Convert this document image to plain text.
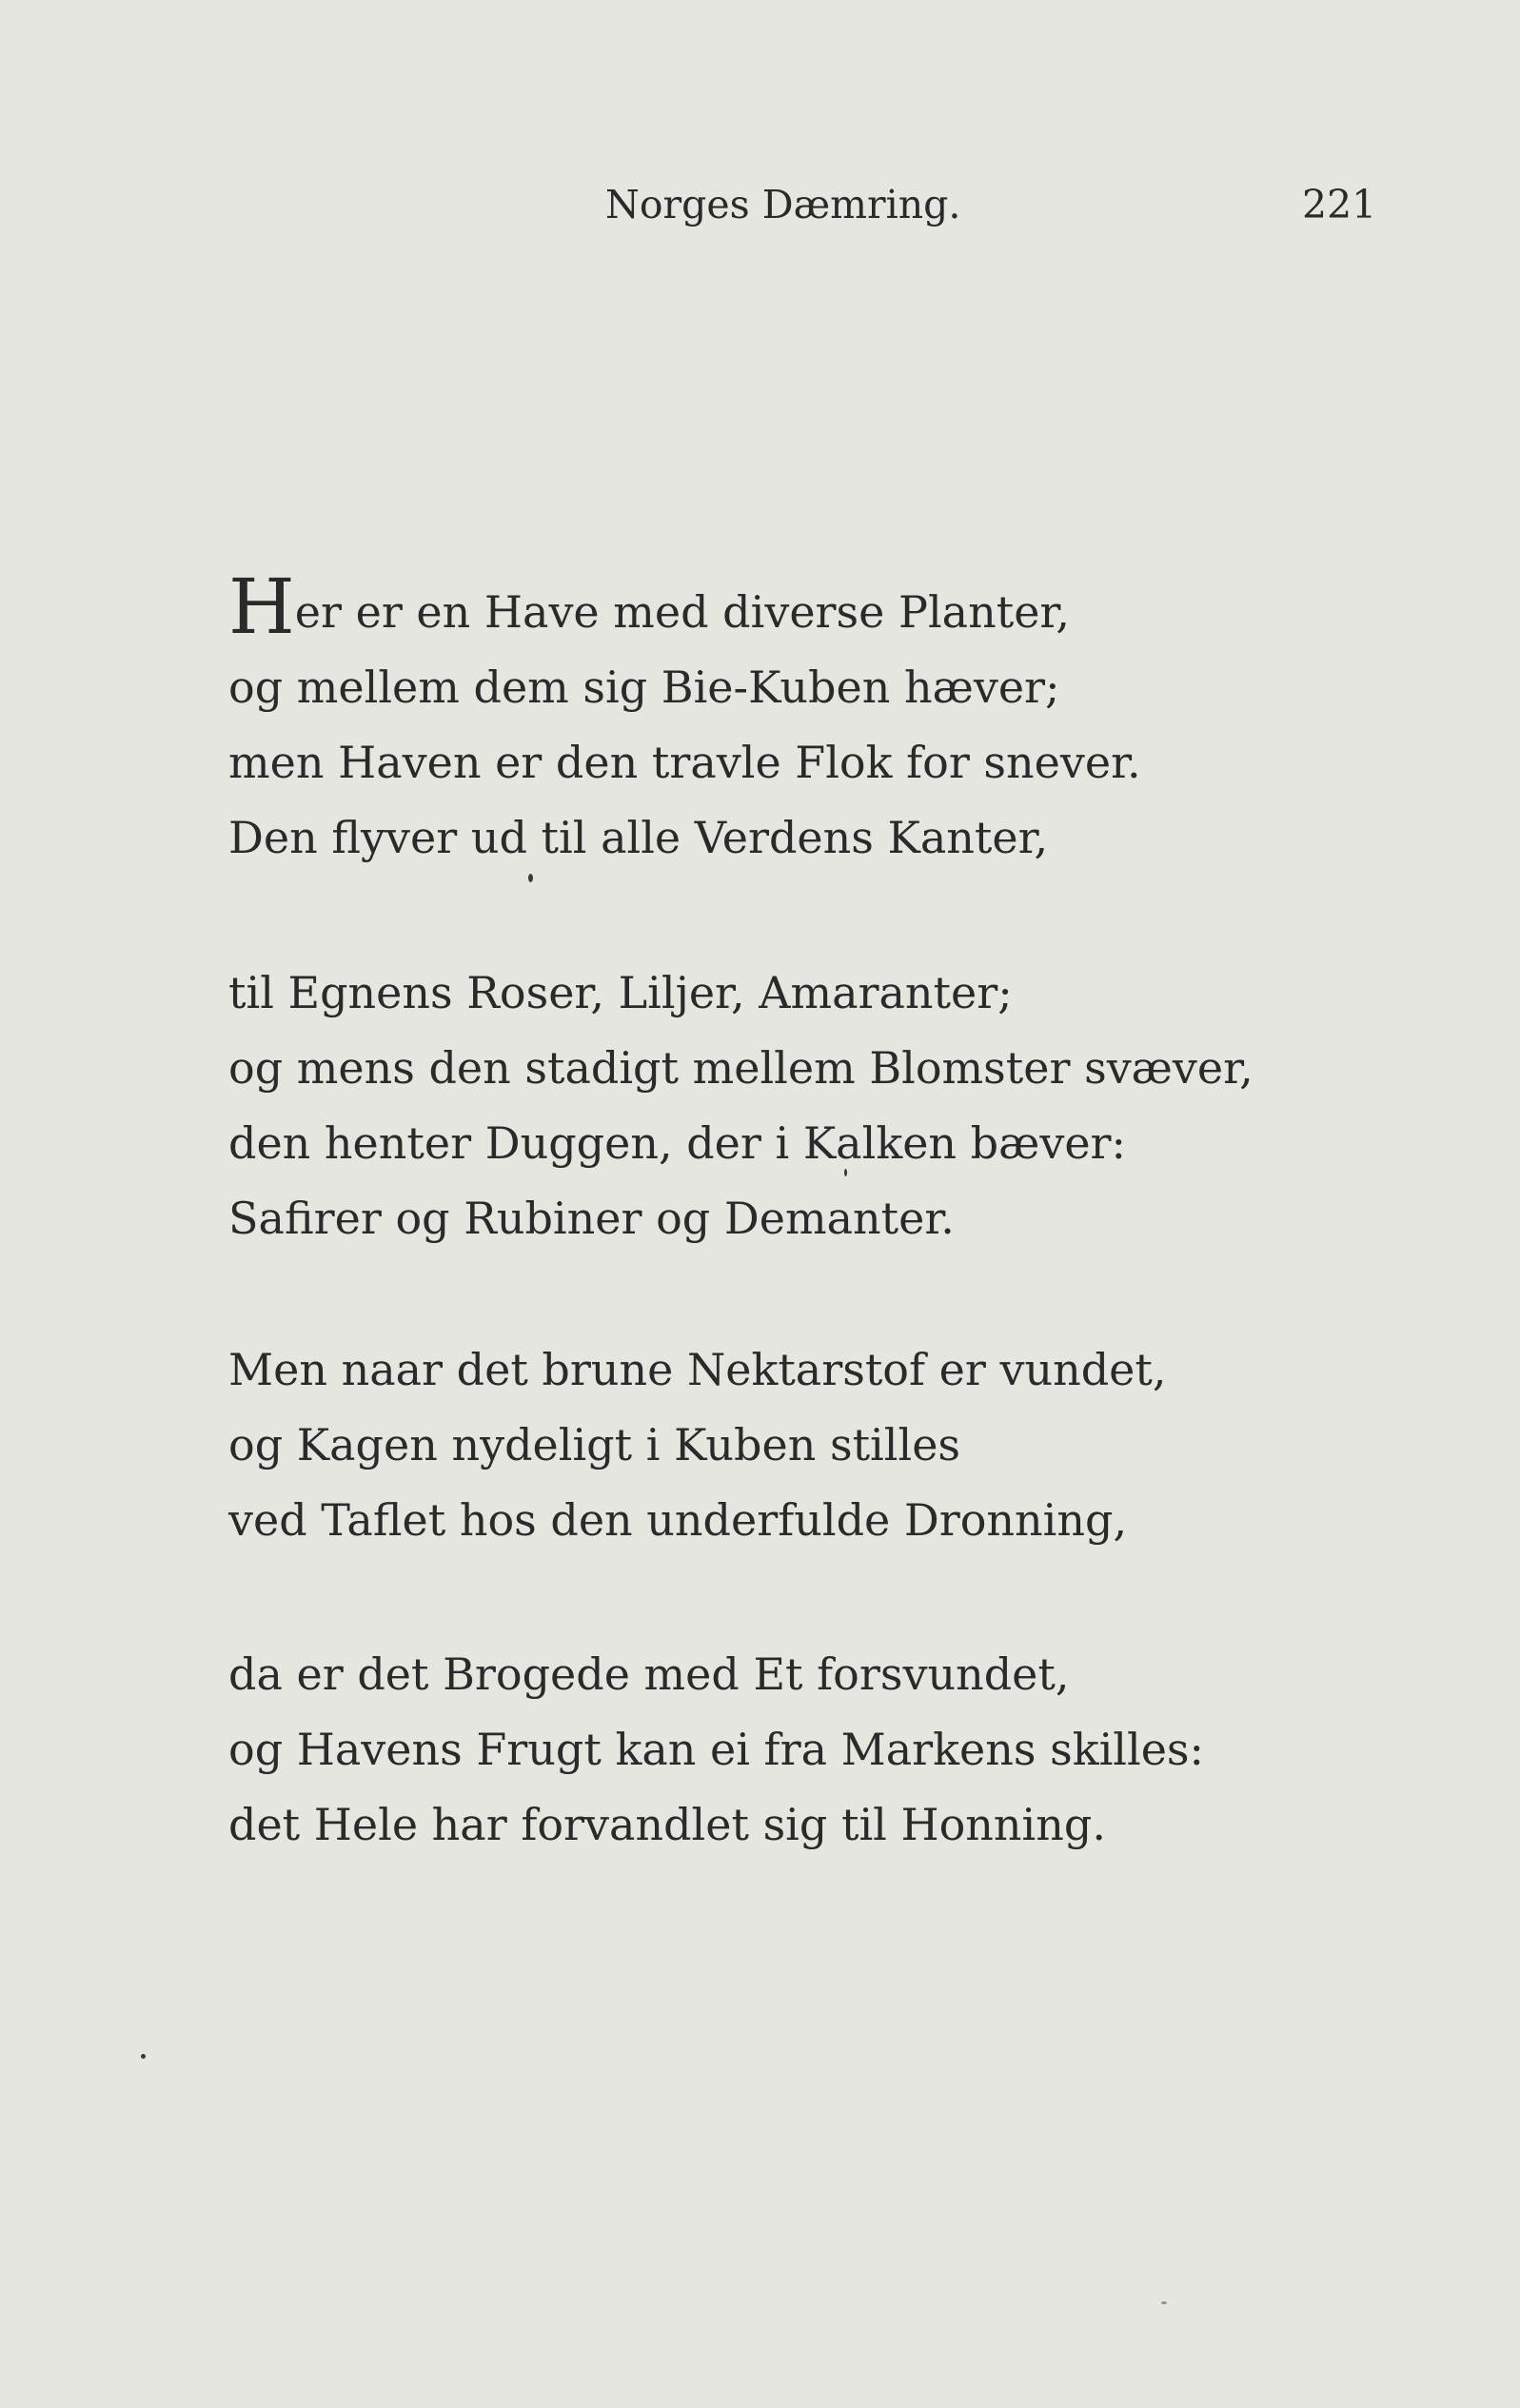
Norges Dæmring.	221
Her er en Have med diverse Planter,
og mellem dem sig Bie-Kuben hæver;
men Haven er den travle Flok for snever.
Den flyver ud til alle Verdens Kanter,
til Egnens Roser, Liljer, Amaranter;
og mens den stadigt mellem Blomster svæver,
den henter Duggen, der i Kalken bæver:
Safirer og Rubiner og Demanter.
Men naar det brune Nektarstof er vundet,
og Kagen nydeligt i Kuben stilles
ved Taflet hos den underfulde Dronning,
da er det Brogede med Et forsvundet,
og Havens Frugt kan ei fra Markens skilles:
det Hele har forvandlet sig til Honning.
